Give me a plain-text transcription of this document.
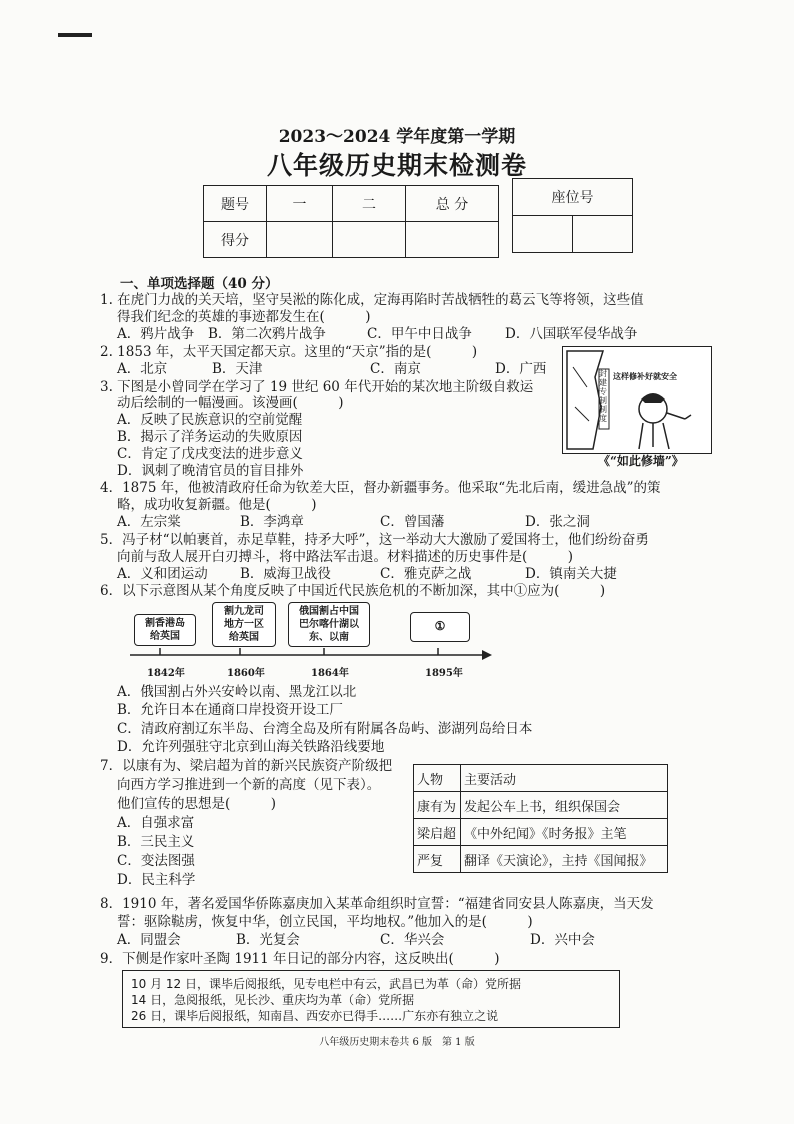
2023～2024 学年度第一学期
八年级历史期末检测卷
题号	一	二	总 分
得分			
座位号

一、单项选择题（40 分）
1. 在虎门力战的关天培，坚守吴淞的陈化成，定海再陷时苦战牺牲的葛云飞等将领，这些值
得我们纪念的英雄的事迹都发生在(　　　)
A．鸦片战争 B．第二次鸦片战争	C．甲午中日战争 D．八国联军侵华战争
2. 1853 年，太平天国定都天京。这里的“天京”指的是(　　　)
A．北京	B．天津	C．南京	D．广西
3. 下图是小曾同学在学习了 19 世纪 60 年代开始的某次地主阶级自救运
动后绘制的一幅漫画。该漫画(　　　)
A．反映了民族意识的空前觉醒
B．揭示了洋务运动的失败原因
C．肯定了戊戌变法的进步意义
D．讽刺了晚清官员的盲目排外
这样修补好就安全
封建专制制度
《“如此修墙”》
4．1875 年，他被清政府任命为钦差大臣，督办新疆事务。他采取“先北后南，缓进急战”的策
略，成功收复新疆。他是(　　　)
A．左宗棠	B．李鸿章	C．曾国藩	D．张之洞
5．冯子材“以帕裹首，赤足草鞋，持矛大呼”，这一举动大大激励了爱国将士，他们纷纷奋勇
向前与敌人展开白刃搏斗，将中路法军击退。材料描述的历史事件是(　　　)
A．义和团运动 B．威海卫战役	C．雅克萨之战	D．镇南关大捷
6．以下示意图从某个角度反映了中国近代民族危机的不断加深，其中①应为(　　　)
割香港岛
给英国
割九龙司
地方一区
给英国
俄国割占中国
巴尔喀什湖以
东、以南
①
1842年	1860年	1864年	1895年
A．俄国割占外兴安岭以南、黑龙江以北
B．允许日本在通商口岸投资开设工厂
C．清政府割辽东半岛、台湾全岛及所有附属各岛屿、澎湖列岛给日本
D．允许列强驻守北京到山海关铁路沿线要地
7．以康有为、梁启超为首的新兴民族资产阶级把
向西方学习推进到一个新的高度（见下表）。
他们宣传的思想是(　　　)
A．自强求富
B．三民主义
C．变法图强
D．民主科学
人物	主要活动
康有为	发起公车上书，组织保国会
梁启超	《中外纪闻》《时务报》主笔
严复	翻译《天演论》，主持《国闻报》
8．1910 年，著名爱国华侨陈嘉庚加入某革命组织时宣誓：“福建省同安县人陈嘉庚，当天发
誓：驱除鞑虏，恢复中华，创立民国，平均地权。”他加入的是(　　　)
A．同盟会	B．光复会	C．华兴会	D．兴中会
9．下侧是作家叶圣陶 1911 年日记的部分内容，这反映出(　　　)
10 月 12 日，课毕后阅报纸，见专电栏中有云，武昌已为革（命）党所据
14 日，急阅报纸，见长沙、重庆均为革（命）党所据
26 日，课毕后阅报纸，知南昌、西安亦已得手……广东亦有独立之说
八年级历史期末卷共 6 版　第 1 版
